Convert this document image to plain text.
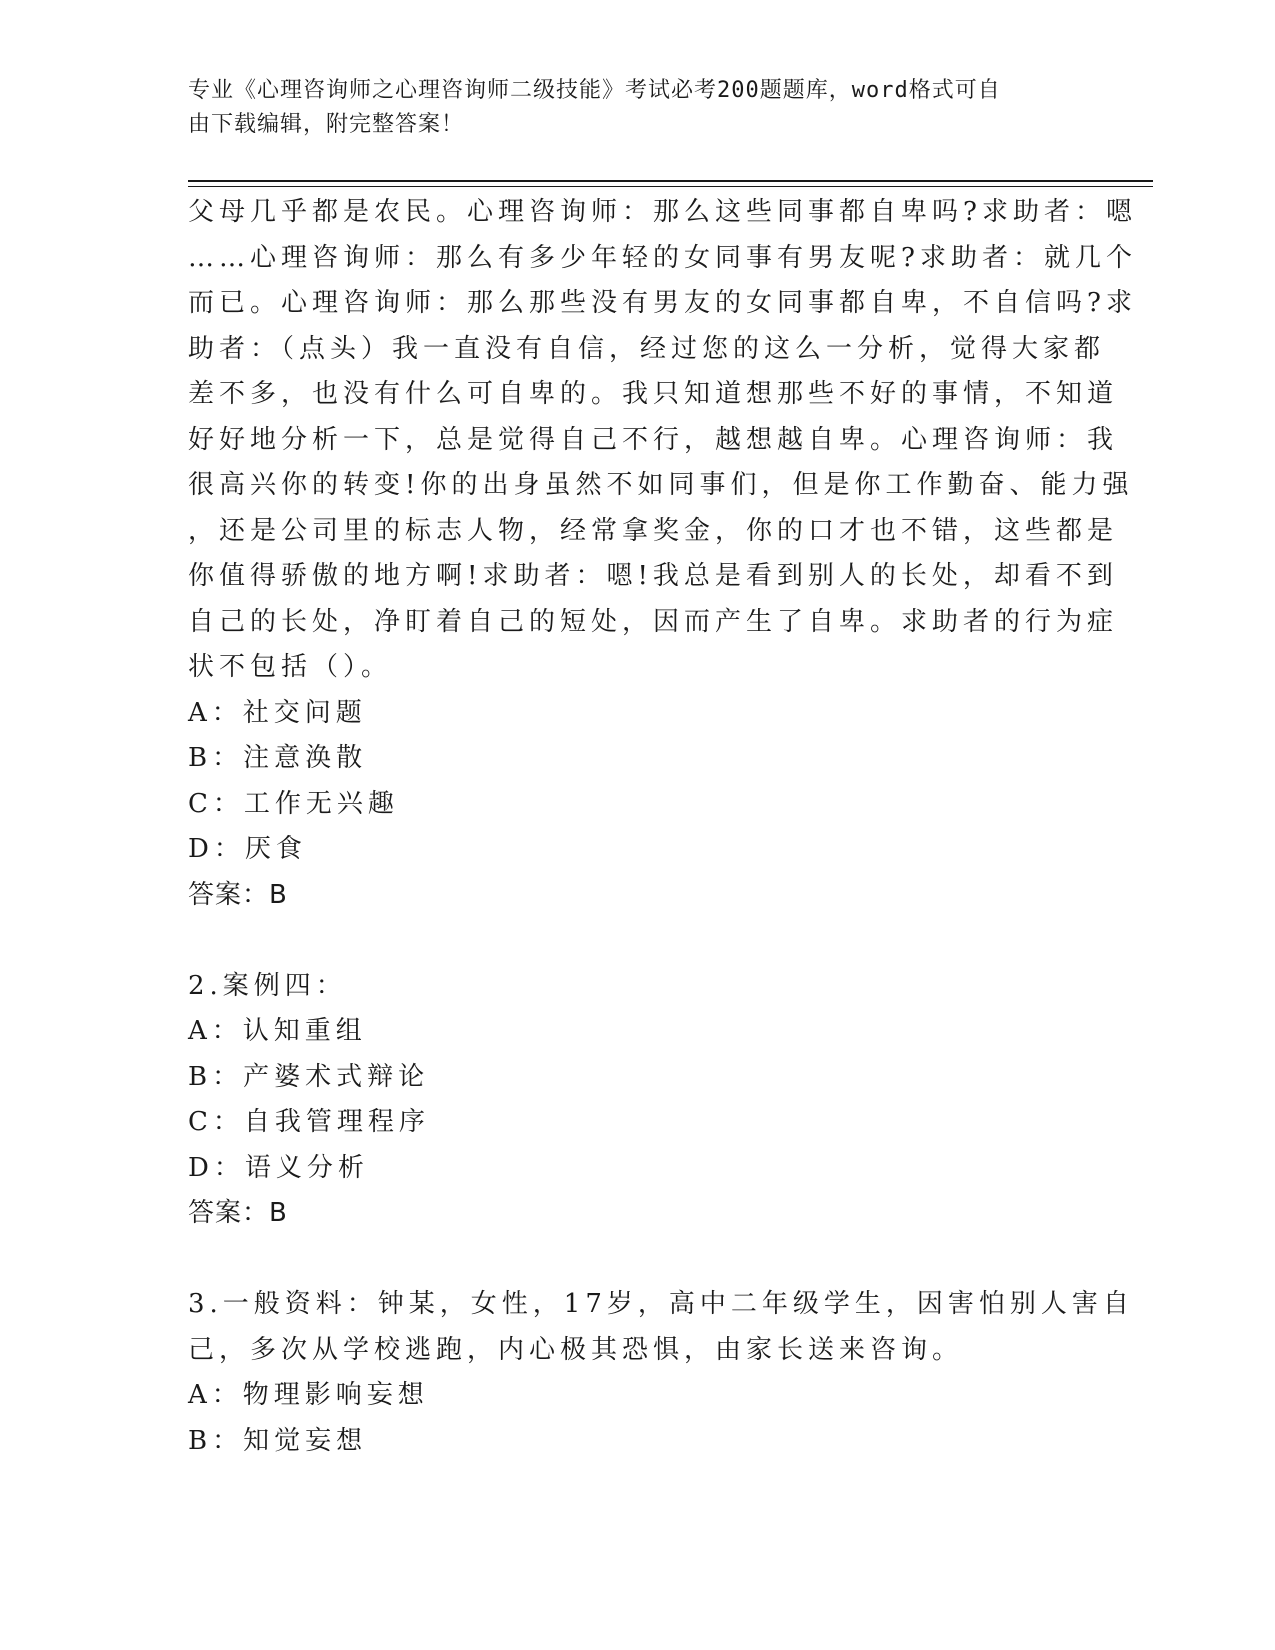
专业《心理咨询师之心理咨询师二级技能》考试必考200题题库，word格式可自
由下载编辑，附完整答案！
父母几乎都是农民。心理咨询师：那么这些同事都自卑吗?求助者：嗯
……心理咨询师：那么有多少年轻的女同事有男友呢?求助者：就几个
而已。心理咨询师：那么那些没有男友的女同事都自卑，不自信吗?求
助者：（点头）我一直没有自信，经过您的这么一分析，觉得大家都
差不多，也没有什么可自卑的。我只知道想那些不好的事情，不知道
好好地分析一下，总是觉得自己不行，越想越自卑。心理咨询师：我
很高兴你的转变!你的出身虽然不如同事们，但是你工作勤奋、能力强
，还是公司里的标志人物，经常拿奖金，你的口才也不错，这些都是
你值得骄傲的地方啊!求助者：嗯!我总是看到别人的长处，却看不到
自己的长处，净盯着自己的短处，因而产生了自卑。求助者的行为症
状不包括（）。
A：社交问题
B：注意涣散
C：工作无兴趣
D：厌食
答案：B
2.案例四：
A：认知重组
B：产婆术式辩论
C：自我管理程序
D：语义分析
答案：B
3.一般资料：钟某，女性，17岁，高中二年级学生，因害怕别人害自
己，多次从学校逃跑，内心极其恐惧，由家长送来咨询。
A：物理影响妄想
B：知觉妄想
